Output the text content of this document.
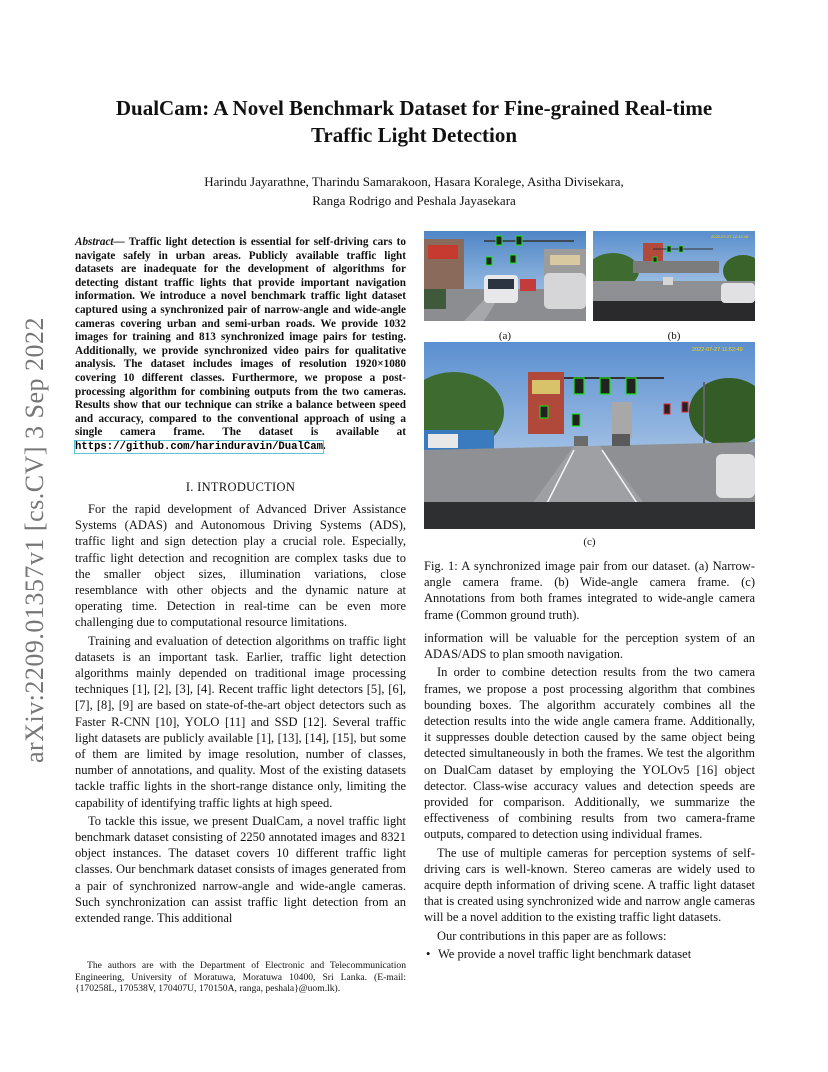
arXiv:2209.01357v1 [cs.CV] 3 Sep 2022
DualCam: A Novel Benchmark Dataset for Fine-grained Real-time
Traffic Light Detection
Harindu Jayarathne, Tharindu Samarakoon, Hasara Koralege, Asitha Divisekara,
Ranga Rodrigo and Peshala Jayasekara
Abstract— Traffic light detection is essential for self-driving cars to navigate safely in urban areas. Publicly available traffic light datasets are inadequate for the development of algorithms for detecting distant traffic lights that provide important navigation information. We introduce a novel benchmark traffic light dataset captured using a synchronized pair of narrow-angle and wide-angle cameras covering urban and semi-urban roads. We provide 1032 images for training and 813 synchronized image pairs for testing. Additionally, we provide synchronized video pairs for qualitative analysis. The dataset includes images of resolution 1920×1080 covering 10 different classes. Furthermore, we propose a post-processing algorithm for combining outputs from the two cameras. Results show that our technique can strike a balance between speed and accuracy, compared to the conventional approach of using a single camera frame. The dataset is available at https://github.com/harinduravin/DualCam.
I. INTRODUCTION

For the rapid development of Advanced Driver Assistance Systems (ADAS) and Autonomous Driving Systems (ADS), traffic light and sign detection play a crucial role. Especially, traffic light detection and recognition are complex tasks due to the smaller object sizes, illumination variations, close resemblance with other objects and the dynamic nature at operating time. Detection in real-time can be even more challenging due to computational resource limitations.

Training and evaluation of detection algorithms on traffic light datasets is an important task. Earlier, traffic light detection algorithms mainly depended on traditional image processing techniques [1], [2], [3], [4]. Recent traffic light detectors [5], [6], [7], [8], [9] are based on state-of-the-art object detectors such as Faster R-CNN [10], YOLO [11] and SSD [12]. Several traffic light datasets are publicly available [1], [13], [14], [15], but some of them are limited by image resolution, number of classes, number of annotations, and quality. Most of the existing datasets tackle traffic lights in the short-range distance only, limiting the capability of identifying traffic lights at high speed.

To tackle this issue, we present DualCam, a novel traffic light benchmark dataset consisting of 2250 annotated images and 8321 object instances. The dataset covers 10 different traffic light classes. Our benchmark dataset consists of images generated from a pair of synchronized narrow-angle and wide-angle cameras. Such synchronization can assist traffic light detection from an extended range. This additional

The authors are with the Department of Electronic and Telecommunication Engineering, University of Moratuwa, Moratuwa 10400, Sri Lanka. (E-mail: {170258L, 170538V, 170407U, 170150A, ranga, peshala}@uom.lk).
2022-07-27 12:12:48
(a)	(b)
2022-07-27 11:52:49
(c)
Fig. 1: A synchronized image pair from our dataset. (a) Narrow-angle camera frame. (b) Wide-angle camera frame. (c) Annotations from both frames integrated to wide-angle camera frame (Common ground truth).

information will be valuable for the perception system of an ADAS/ADS to plan smooth navigation.

In order to combine detection results from the two camera frames, we propose a post processing algorithm that combines bounding boxes. The algorithm accurately combines all the detection results into the wide angle camera frame. Additionally, it suppresses double detection caused by the same object being detected simultaneously in both the frames. We test the algorithm on DualCam dataset by employing the YOLOv5 [16] object detector. Class-wise accuracy values and detection speeds are provided for comparison. Additionally, we summarize the effectiveness of combining results from two camera-frame outputs, compared to detection using individual frames.

The use of multiple cameras for perception systems of self-driving cars is well-known. Stereo cameras are widely used to acquire depth information of driving scene. A traffic light dataset that is created using synchronized wide and narrow angle cameras will be a novel addition to the existing traffic light datasets.

Our contributions in this paper are as follows:

• We provide a novel traffic light benchmark dataset
